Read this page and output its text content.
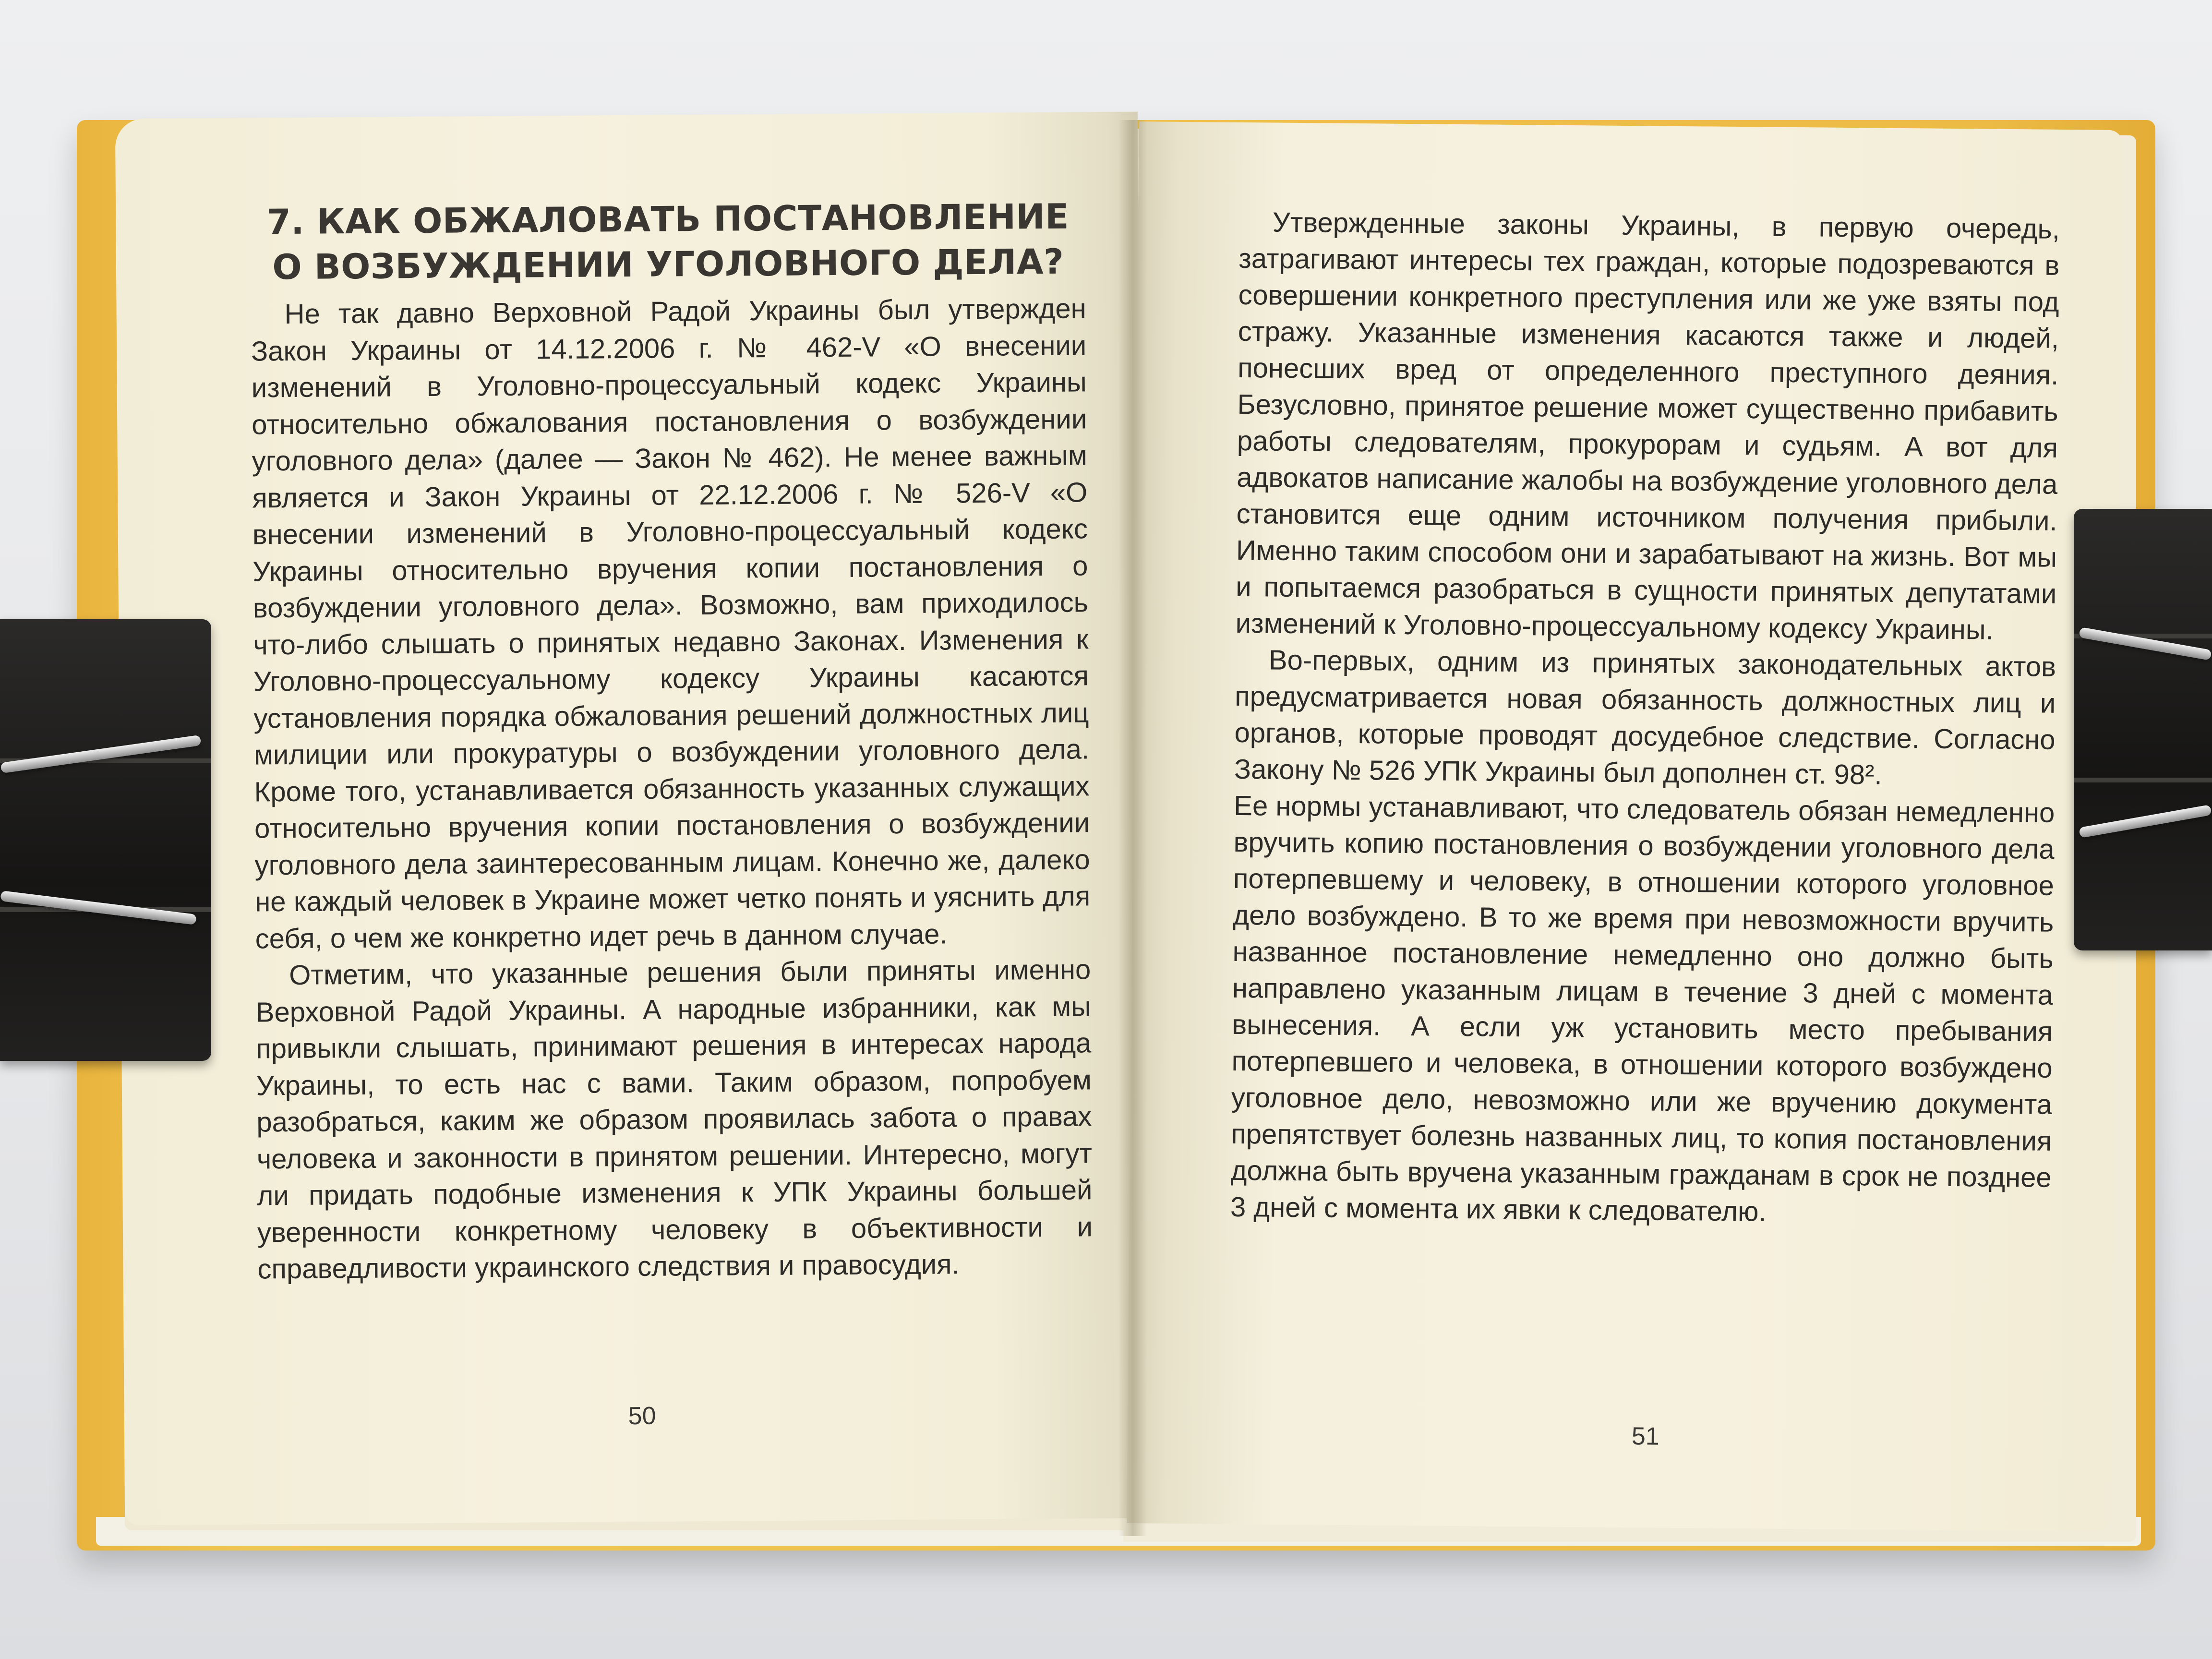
7. КАК ОБЖАЛОВАТЬ ПОСТАНОВЛЕНИЕ
О ВОЗБУЖДЕНИИ УГОЛОВНОГО ДЕЛА?

Не так давно Верховной Радой Украины был утвержден Закон Украины от 14.12.2006 г. № 462-V «О внесении изменений в Уголовно-процессуальный кодекс Украины относительно обжалования постановления о возбуждении уголовного дела» (далее — Закон № 462). Не менее важным является и Закон Украины от 22.12.2006 г. № 526-V «О внесении изменений в Уголовно-процессуальный кодекс Украины относительно вручения копии постановления о возбуждении уголовного дела». Возможно, вам приходилось что-либо слышать о принятых недавно Законах. Изменения к Уголовно-процессуальному кодексу Украины касаются установления порядка обжалования решений должностных лиц милиции или прокуратуры о возбуждении уголовного дела. Кроме того, устанавливается обязанность указанных служащих относительно вручения копии постановления о возбуждении уголовного дела заинтересованным лицам. Конечно же, далеко не каждый человек в Украине может четко понять и уяснить для себя, о чем же конкретно идет речь в данном случае.

Отметим, что указанные решения были приняты именно Верховной Радой Украины. А народные избранники, как мы привыкли слышать, принимают решения в интересах народа Украины, то есть нас с вами. Таким образом, попробуем разобраться, каким же образом проявилась забота о правах человека и законности в принятом решении. Интересно, могут ли придать подобные изменения к УПК Украины большей уверенности конкретному человеку в объективности и справедливости украинского следствия и правосудия.

50

Утвержденные законы Украины, в первую очередь, затрагивают интересы тех граждан, которые подозреваются в совершении конкретного преступления или же уже взяты под стражу. Указанные изменения касаются также и людей, понесших вред от определенного преступного деяния. Безусловно, принятое решение может существенно прибавить работы следователям, прокурорам и судьям. А вот для адвокатов написание жалобы на возбуждение уголовного дела становится еще одним источником получения прибыли. Именно таким способом они и зарабатывают на жизнь. Вот мы и попытаемся разобраться в сущности принятых депутатами изменений к Уголовно-процессуальному кодексу Украины.

Во-первых, одним из принятых законодательных актов предусматривается новая обязанность должностных лиц и органов, которые проводят досудебное следствие. Согласно Закону № 526 УПК Украины был дополнен ст. 98².

Ее нормы устанавливают, что следователь обязан немедленно вручить копию постановления о возбуждении уголовного дела потерпевшему и человеку, в отношении которого уголовное дело возбуждено. В то же время при невозможности вручить названное постановление немедленно оно должно быть направлено указанным лицам в течение 3 дней с момента вынесения. А если уж установить место пребывания потерпевшего и человека, в отношении которого возбуждено уголовное дело, невозможно или же вручению документа препятствует болезнь названных лиц, то копия постановления должна быть вручена указанным гражданам в срок не позднее 3 дней с момента их явки к следователю.

51
